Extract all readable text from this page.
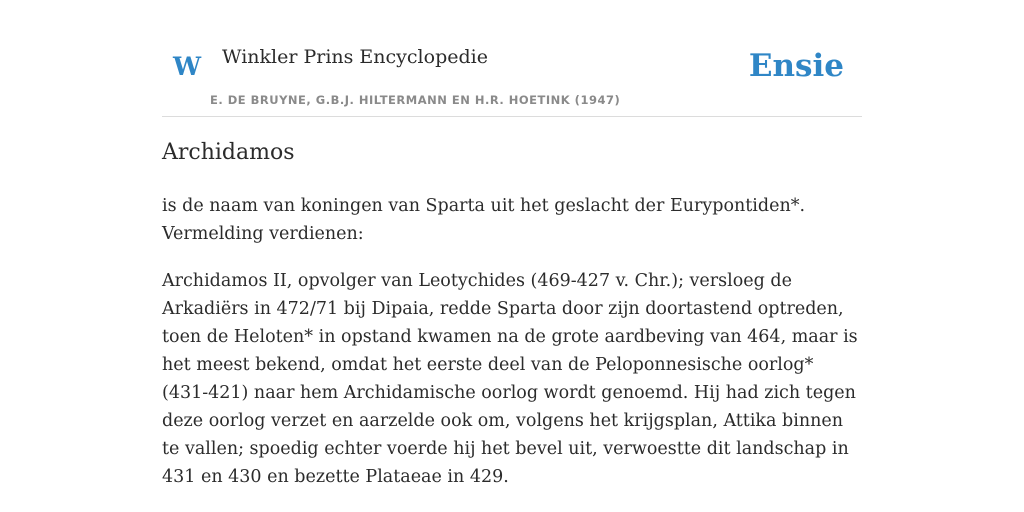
W Winkler Prins Encyclopedie
E. DE BRUYNE, G.B.J. HILTERMANN EN H.R. HOETINK (1947)
Ensie
Archidamos

is de naam van koningen van Sparta uit het geslacht der Eurypontiden*. Vermelding verdienen:

Archidamos II, opvolger van Leotychides (469-427 v. Chr.); versloeg de Arkadiërs in 472/71 bij Dipaia, redde Sparta door zijn doortastend optreden, toen de Heloten* in opstand kwamen na de grote aardbeving van 464, maar is het meest bekend, omdat het eerste deel van de Peloponnesische oorlog* (431-421) naar hem Archidamische oorlog wordt genoemd. Hij had zich tegen deze oorlog verzet en aarzelde ook om, volgens het krijgsplan, Attika binnen te vallen; spoedig echter voerde hij het bevel uit, verwoestte dit landschap in 431 en 430 en bezette Plataeae in 429.
